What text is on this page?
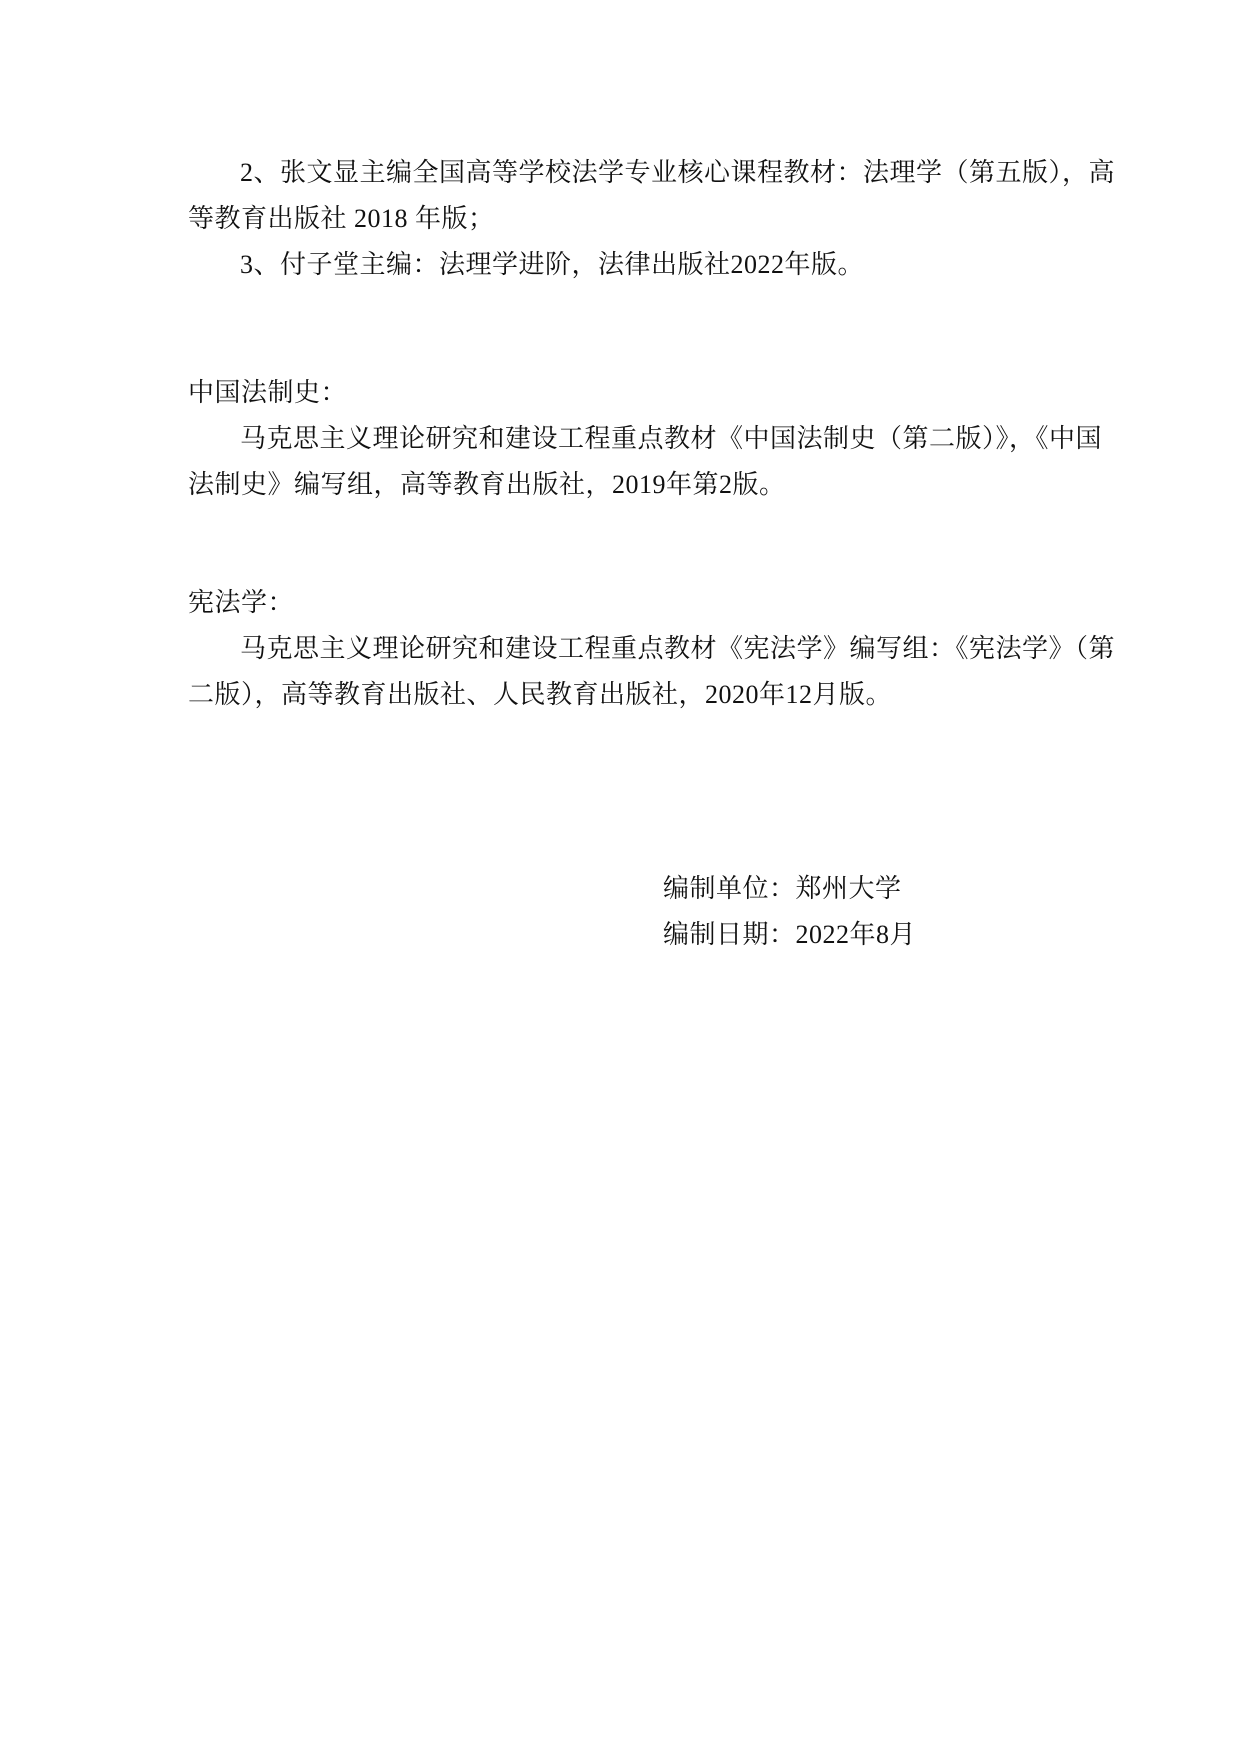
2、张文显主编全国高等学校法学专业核心课程教材：法理学（第五版），高

等教育出版社 2018 年版；

3、付子堂主编：法理学进阶，法律出版社2022年版。

中国法制史：

马克思主义理论研究和建设工程重点教材《中国法制史（第二版）》，《中国

法制史》编写组，高等教育出版社，2019年第2版。

宪法学：

马克思主义理论研究和建设工程重点教材《宪法学》编写组：《宪法学》（第

二版），高等教育出版社、人民教育出版社，2020年12月版。

编制单位：郑州大学
编制日期：2022年8月
